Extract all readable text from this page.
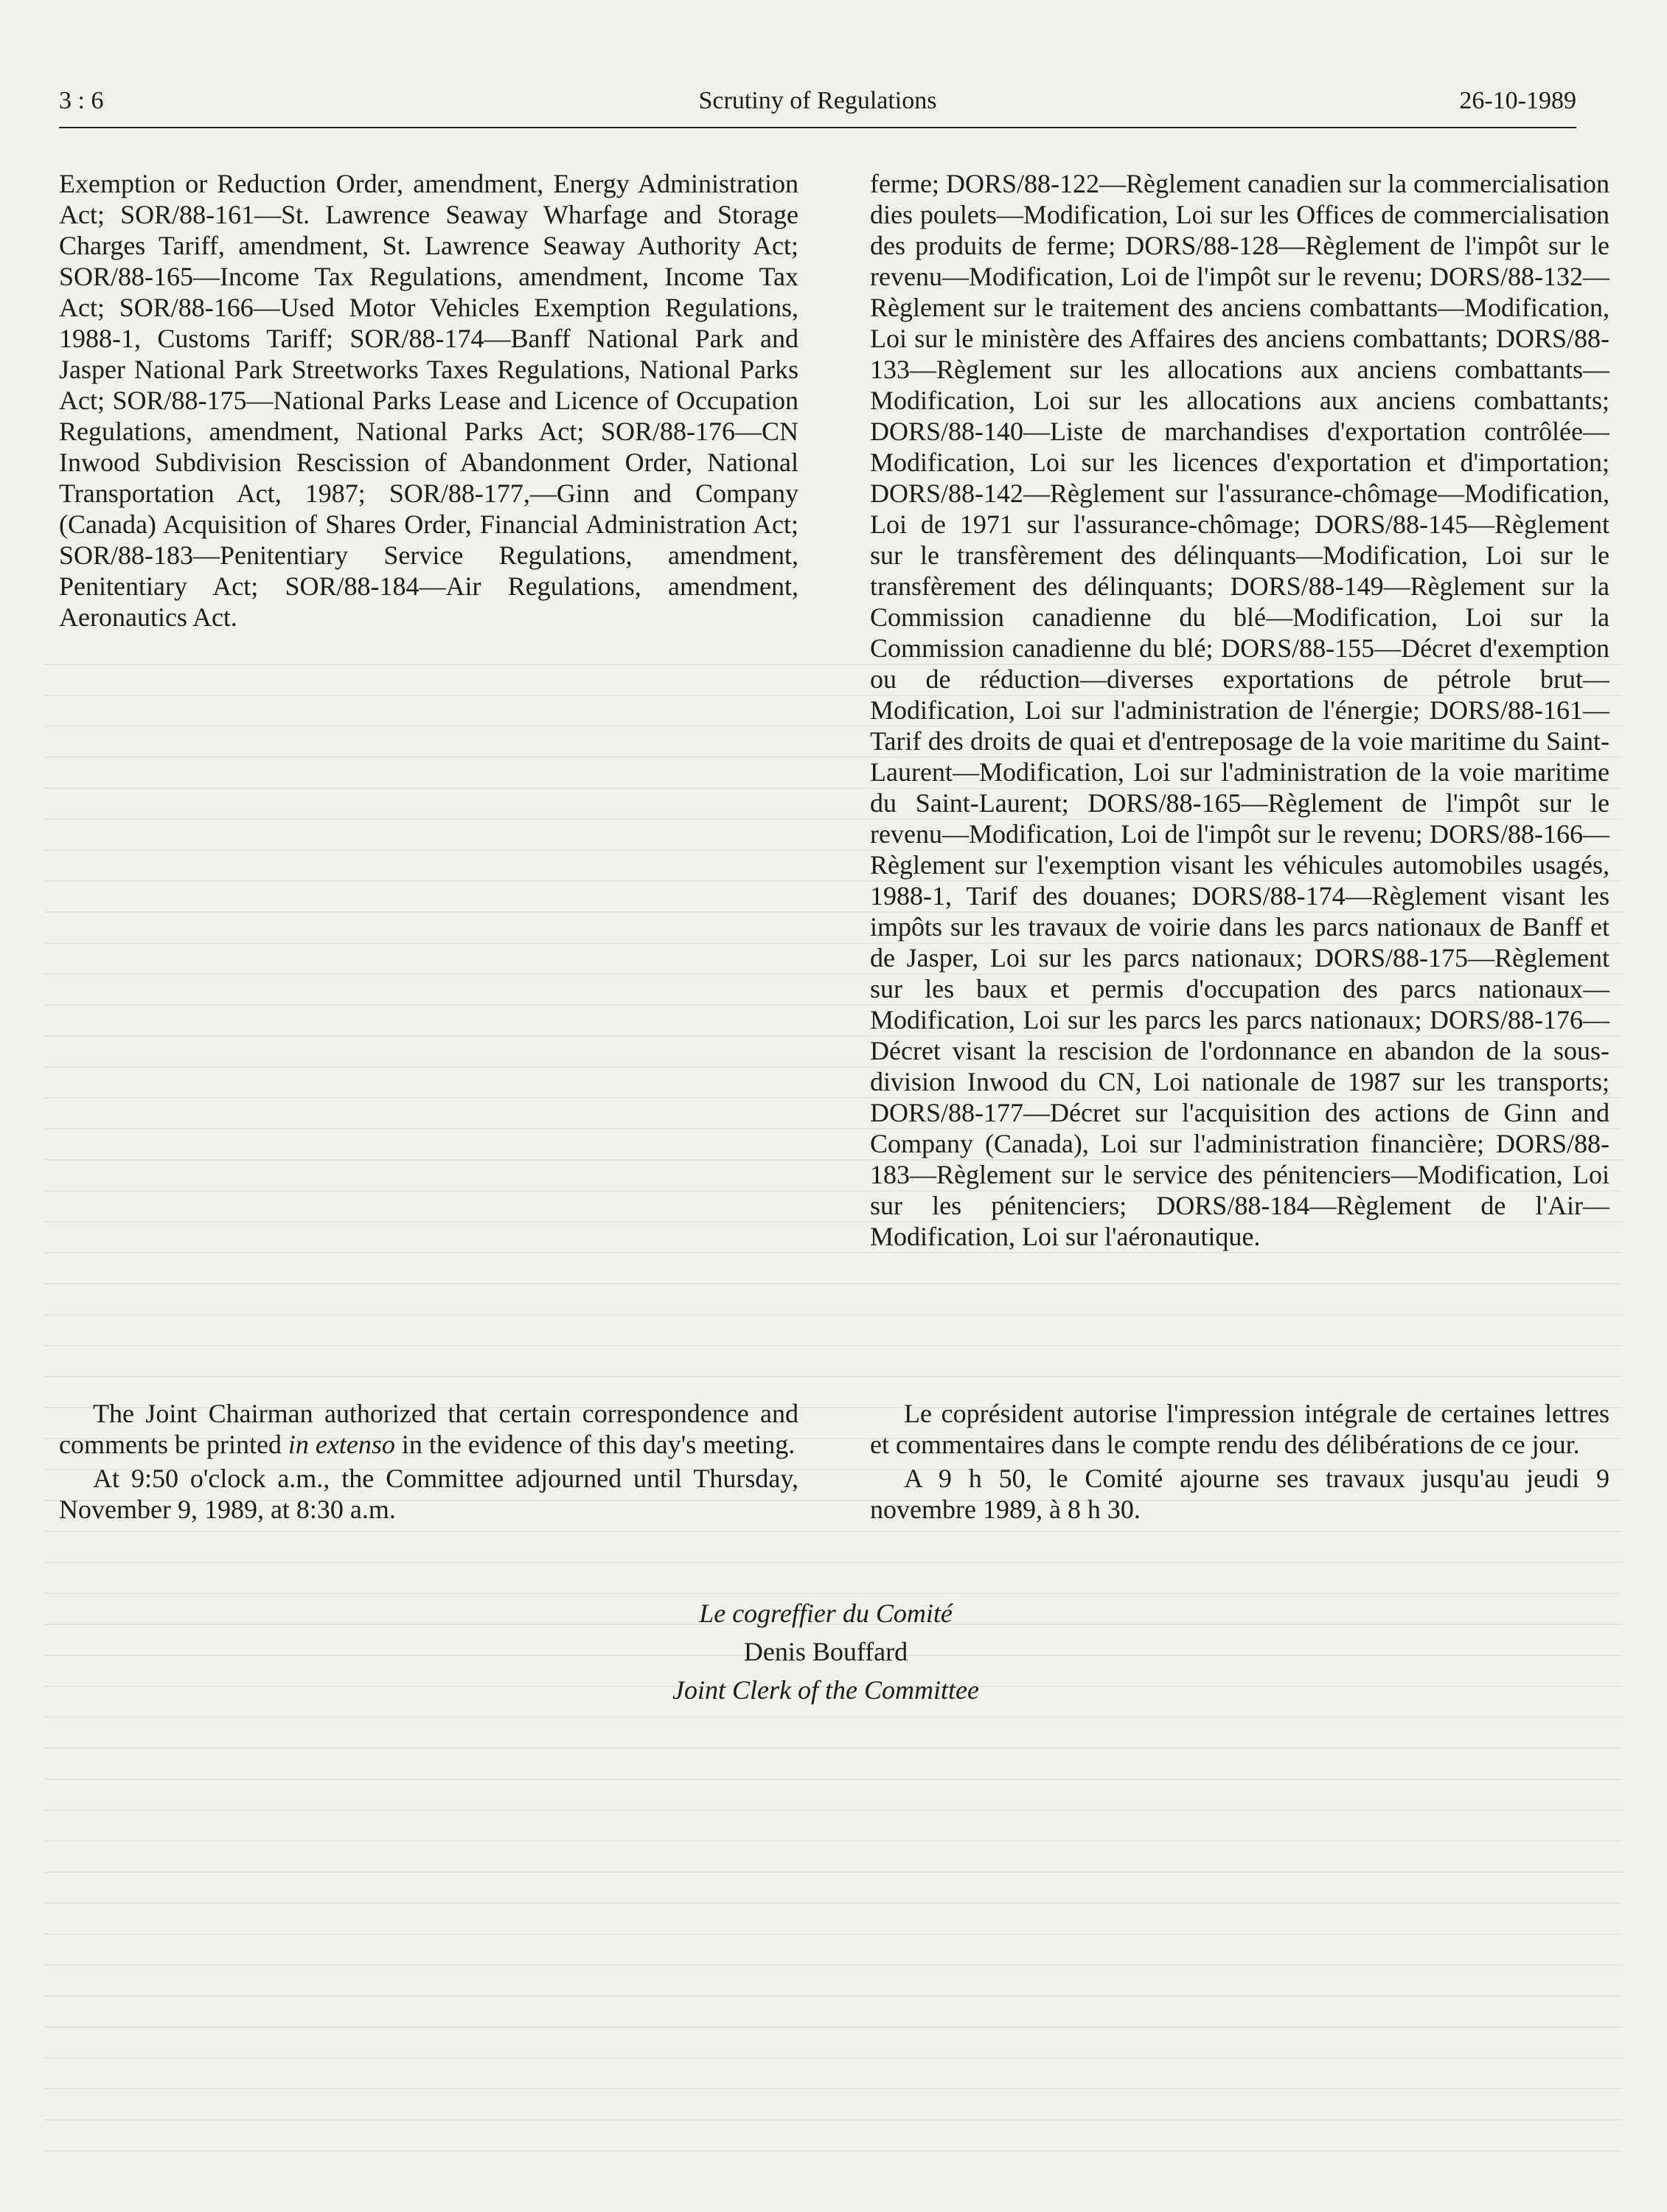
3 : 6	Scrutiny of Regulations	26-10-1989

Exemption or Reduction Order, amendment, Energy Administration Act; SOR/88-161—St. Lawrence Seaway Wharfage and Storage Charges Tariff, amendment, St. Lawrence Seaway Authority Act; SOR/88-165—Income Tax Regulations, amendment, Income Tax Act; SOR/88-166—Used Motor Vehicles Exemption Regulations, 1988-1, Customs Tariff; SOR/88-174—Banff National Park and Jasper National Park Streetworks Taxes Regulations, National Parks Act; SOR/88-175—National Parks Lease and Licence of Occupation Regulations, amendment, National Parks Act; SOR/88-176—CN Inwood Subdivision Rescission of Abandonment Order, National Transportation Act, 1987; SOR/88-177,—Ginn and Company (Canada) Acquisition of Shares Order, Financial Administration Act; SOR/88-183—Penitentiary Service Regulations, amendment, Penitentiary Act; SOR/88-184—Air Regulations, amendment, Aeronautics Act.

ferme; DORS/88-122—Règlement canadien sur la commercialisation dies poulets—Modification, Loi sur les Offices de commercialisation des produits de ferme; DORS/88-128—Règlement de l'impôt sur le revenu—Modification, Loi de l'impôt sur le revenu; DORS/88-132—Règlement sur le traitement des anciens combattants—Modification, Loi sur le ministère des Affaires des anciens combattants; DORS/88-133—Règlement sur les allocations aux anciens combattants—Modification, Loi sur les allocations aux anciens combattants; DORS/88-140—Liste de marchandises d'exportation contrôlée—Modification, Loi sur les licences d'exportation et d'importation; DORS/88-142—Règlement sur l'assurance-chômage—Modification, Loi de 1971 sur l'assurance-chômage; DORS/88-145—Règlement sur le transfèrement des délinquants—Modification, Loi sur le transfèrement des délinquants; DORS/88-149—Règlement sur la Commission canadienne du blé—Modification, Loi sur la Commission canadienne du blé; DORS/88-155—Décret d'exemption ou de réduction—diverses exportations de pétrole brut—Modification, Loi sur l'administration de l'énergie; DORS/88-161—Tarif des droits de quai et d'entreposage de la voie maritime du Saint-Laurent—Modification, Loi sur l'administration de la voie maritime du Saint-Laurent; DORS/88-165—Règlement de l'impôt sur le revenu—Modification, Loi de l'impôt sur le revenu; DORS/88-166—Règlement sur l'exemption visant les véhicules automobiles usagés, 1988-1, Tarif des douanes; DORS/88-174—Règlement visant les impôts sur les travaux de voirie dans les parcs nationaux de Banff et de Jasper, Loi sur les parcs nationaux; DORS/88-175—Règlement sur les baux et permis d'occupation des parcs nationaux—Modification, Loi sur les parcs les parcs nationaux; DORS/88-176—Décret visant la rescision de l'ordonnance en abandon de la sous-division Inwood du CN, Loi nationale de 1987 sur les transports; DORS/88-177—Décret sur l'acquisition des actions de Ginn and Company (Canada), Loi sur l'administration financière; DORS/88-183—Règlement sur le service des pénitenciers—Modification, Loi sur les pénitenciers; DORS/88-184—Règlement de l'Air—Modification, Loi sur l'aéronautique.

The Joint Chairman authorized that certain correspondence and comments be printed in extenso in the evidence of this day's meeting.

At 9:50 o'clock a.m., the Committee adjourned until Thursday, November 9, 1989, at 8:30 a.m.

Le coprésident autorise l'impression intégrale de certaines lettres et commentaires dans le compte rendu des délibérations de ce jour.

A 9 h 50, le Comité ajourne ses travaux jusqu'au jeudi 9 novembre 1989, à 8 h 30.

Le cogreffier du Comité
Denis Bouffard
Joint Clerk of the Committee
